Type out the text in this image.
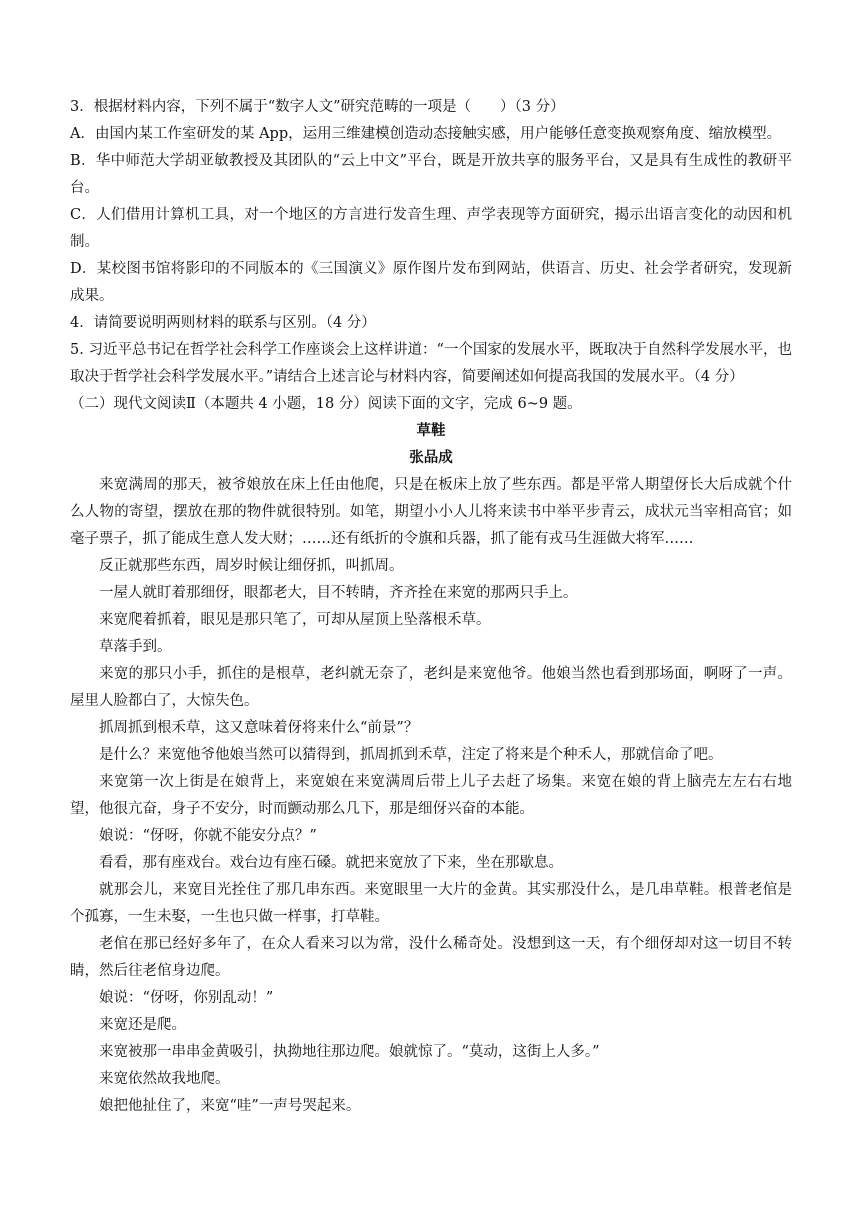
3．根据材料内容，下列不属于“数字人文”研究范畴的一项是（　　）（3 分）
A．由国内某工作室研发的某 App，运用三维建模创造动态接触实感，用户能够任意变换观察角度、缩放模型。
B．华中师范大学胡亚敏教授及其团队的“云上中文”平台，既是开放共享的服务平台，又是具有生成性的教研平台。
C．人们借用计算机工具，对一个地区的方言进行发音生理、声学表现等方面研究，揭示出语言变化的动因和机制。
D．某校图书馆将影印的不同版本的《三国演义》原作图片发布到网站，供语言、历史、社会学者研究，发现新成果。
4．请简要说明两则材料的联系与区别。（4 分）
5. 习近平总书记在哲学社会科学工作座谈会上这样讲道：“一个国家的发展水平，既取决于自然科学发展水平，也取决于哲学社会科学发展水平。”请结合上述言论与材料内容，简要阐述如何提高我国的发展水平。（4 分）
（二）现代文阅读Ⅱ（本题共 4 小题，18 分）阅读下面的文字，完成 6~9 题。
草鞋
张品成
来宽满周的那天，被爷娘放在床上任由他爬，只是在板床上放了些东西。都是平常人期望伢长大后成就个什么人物的寄望，摆放在那的物件就很特别。如笔，期望小小人儿将来读书中举平步青云，成状元当宰相高官；如毫子票子，抓了能成生意人发大财；……还有纸折的令旗和兵器，抓了能有戎马生涯做大将军……
反正就那些东西，周岁时候让细伢抓，叫抓周。
一屋人就盯着那细伢，眼都老大，目不转睛，齐齐拴在来宽的那两只手上。
来宽爬着抓着，眼见是那只笔了，可却从屋顶上坠落根禾草。
草落手到。
来宽的那只小手，抓住的是根草，老纠就无奈了，老纠是来宽他爷。他娘当然也看到那场面，啊呀了一声。屋里人脸都白了，大惊失色。
抓周抓到根禾草，这又意味着伢将来什么“前景”？
是什么？来宽他爷他娘当然可以猜得到，抓周抓到禾草，注定了将来是个种禾人，那就信命了吧。
来宽第一次上街是在娘背上，来宽娘在来宽满周后带上儿子去赶了场集。来宽在娘的背上脑壳左左右右地望，他很亢奋，身子不安分，时而颤动那么几下，那是细伢兴奋的本能。
娘说：“伢呀，你就不能安分点？”
看看，那有座戏台。戏台边有座石磉。就把来宽放了下来，坐在那歇息。
就那会儿，来宽目光拴住了那几串东西。来宽眼里一大片的金黄。其实那没什么，是几串草鞋。根普老倌是个孤寡，一生未娶，一生也只做一样事，打草鞋。
老倌在那已经好多年了，在众人看来习以为常，没什么稀奇处。没想到这一天，有个细伢却对这一切目不转睛，然后往老倌身边爬。
娘说：“伢呀，你别乱动！”
来宽还是爬。
来宽被那一串串金黄吸引，执拗地往那边爬。娘就惊了。“莫动，这街上人多。”
来宽依然故我地爬。
娘把他扯住了，来宽“哇”一声号哭起来。
